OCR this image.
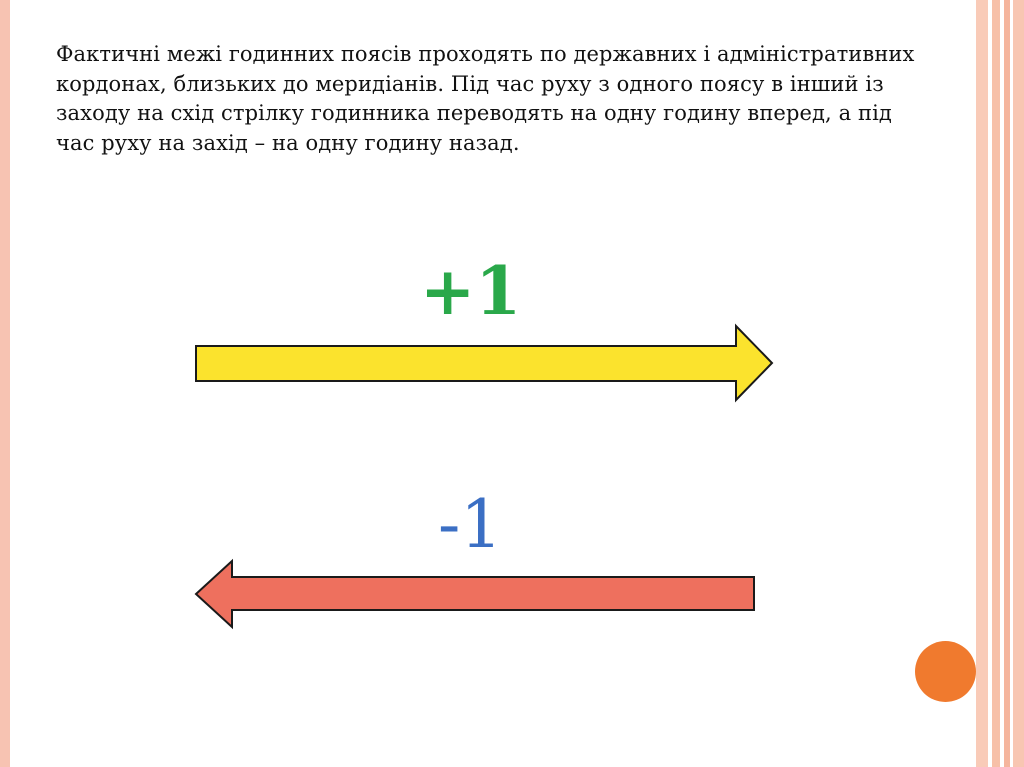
Фактичні межі годинних поясів проходять по державних і адміністративних кордонах, близьких до меридіанів. Під час руху з одного поясу в інший із заходу на схід стрілку годинника переводять на одну годину вперед, а під час руху на захід – на одну годину назад.

+1
-1
